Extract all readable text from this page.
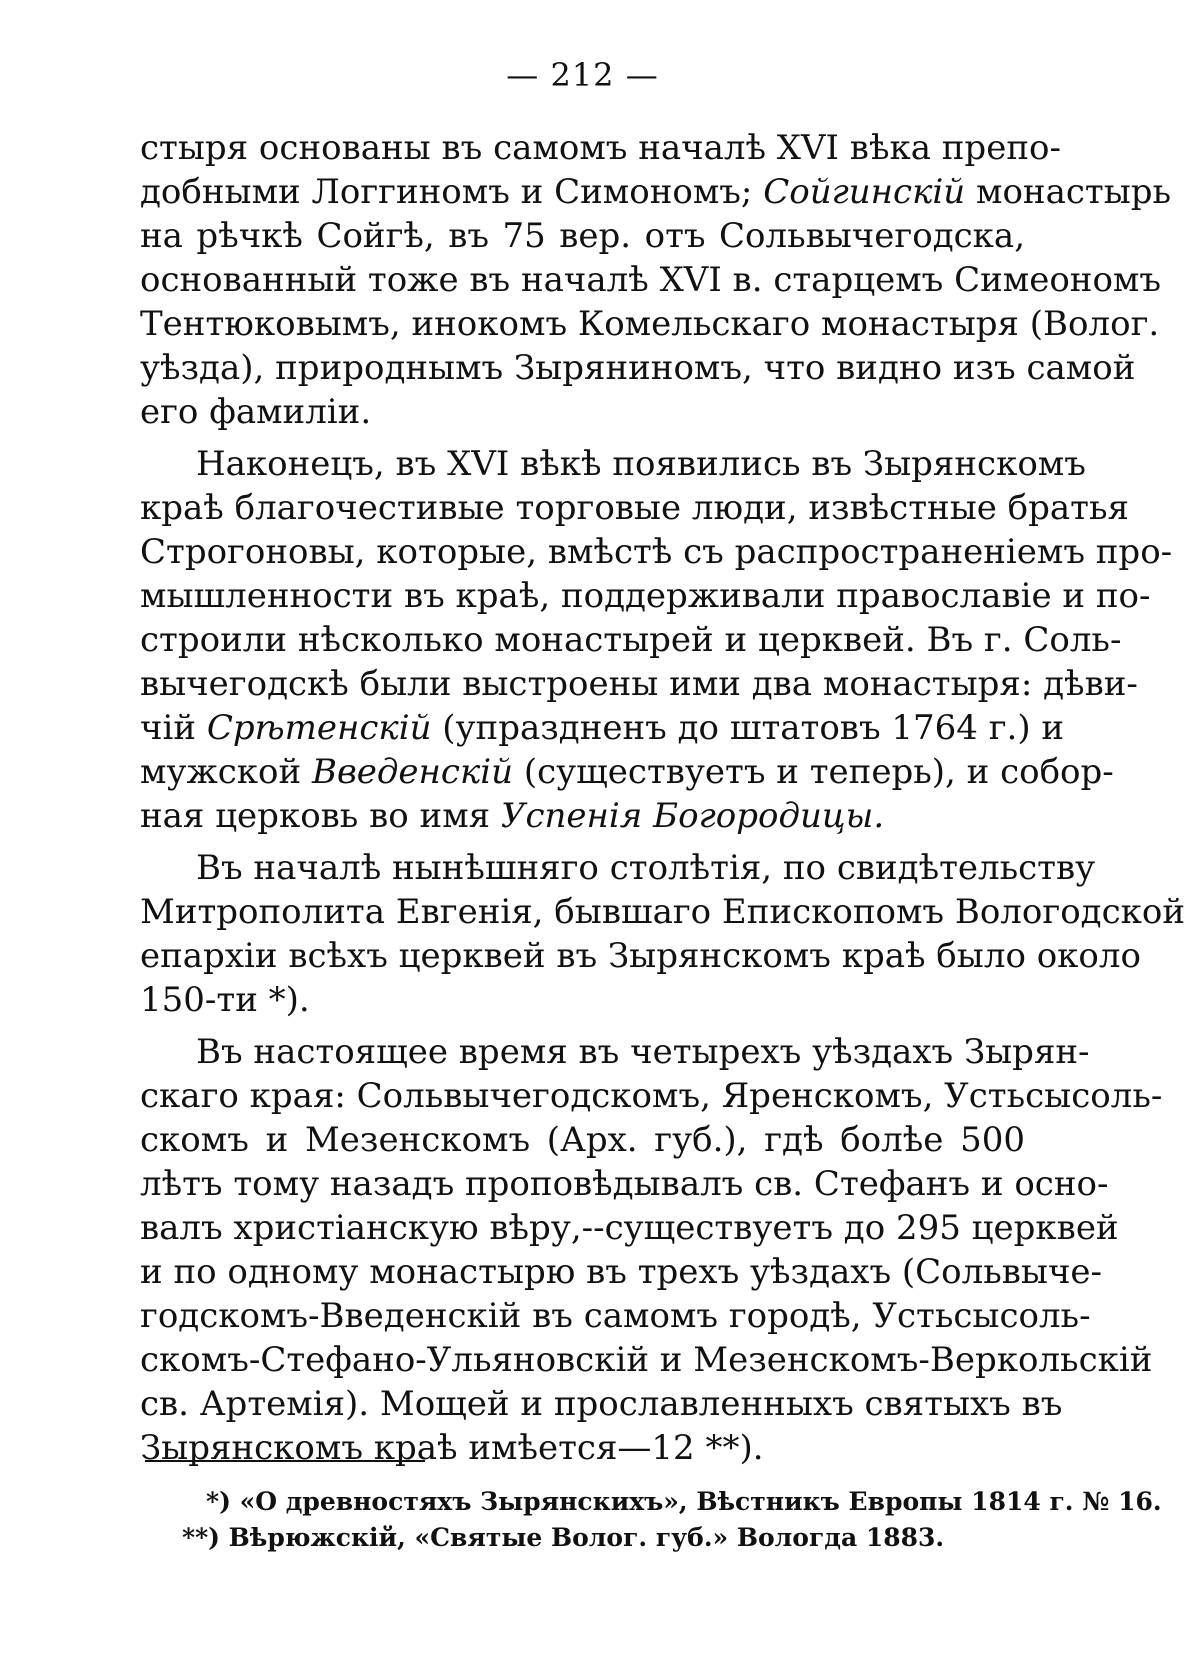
— 212 —
стыря основаны въ самомъ началѣ XVI вѣка препо-
добными Логгиномъ и Симономъ; Сойгинскій монастырь
на рѣчкѣ Сойгѣ, въ 75 вер. отъ Сольвычегодска,
основанный тоже въ началѣ XVI в. старцемъ Симеономъ
Тентюковымъ, инокомъ Комельскаго монастыря (Волог.
уѣзда), природнымъ Зыряниномъ, что видно изъ самой
его фамиліи.
Наконецъ, въ XVI вѣкѣ появились въ Зырянскомъ
краѣ благочестивые торговые люди, извѣстные братья
Строгоновы, которые, вмѣстѣ съ распространеніемъ про-
мышленности въ краѣ, поддерживали православіе и по-
строили нѣсколько монастырей и церквей. Въ г. Соль-
вычегодскѣ были выстроены ими два монастыря: дѣви-
чій Срѣтенскій (упраздненъ до штатовъ 1764 г.) и
мужской Введенскій (существуетъ и теперь), и собор-
ная церковь во имя Успенія Богородицы.
Въ началѣ нынѣшняго столѣтія, по свидѣтельству
Митрополита Евгенія, бывшаго Епископомъ Вологодской
епархіи всѣхъ церквей въ Зырянскомъ краѣ было около
150-ти *).
Въ настоящее время въ четырехъ уѣздахъ Зырян-
скаго края: Сольвычегодскомъ, Яренскомъ, Устьсысоль-
скомъ и Мезенскомъ (Арх. губ.), гдѣ болѣе 500
лѣтъ тому назадъ проповѣдывалъ св. Стефанъ и осно-
валъ христіанскую вѣру,--существуетъ до 295 церквей
и по одному монастырю въ трехъ уѣздахъ (Сольвыче-
годскомъ-Введенскій въ самомъ городѣ, Устьсысоль-
скомъ-Стефано-Ульяновскій и Мезенскомъ-Веркольскій
св. Артемія). Мощей и прославленныхъ святыхъ въ
Зырянскомъ краѣ имѣется—12 **).
*) «О древностяхъ Зырянскихъ», Вѣстникъ Европы 1814 г. № 16.
**) Вѣрюжскій, «Святые Волог. губ.» Вологда 1883.
